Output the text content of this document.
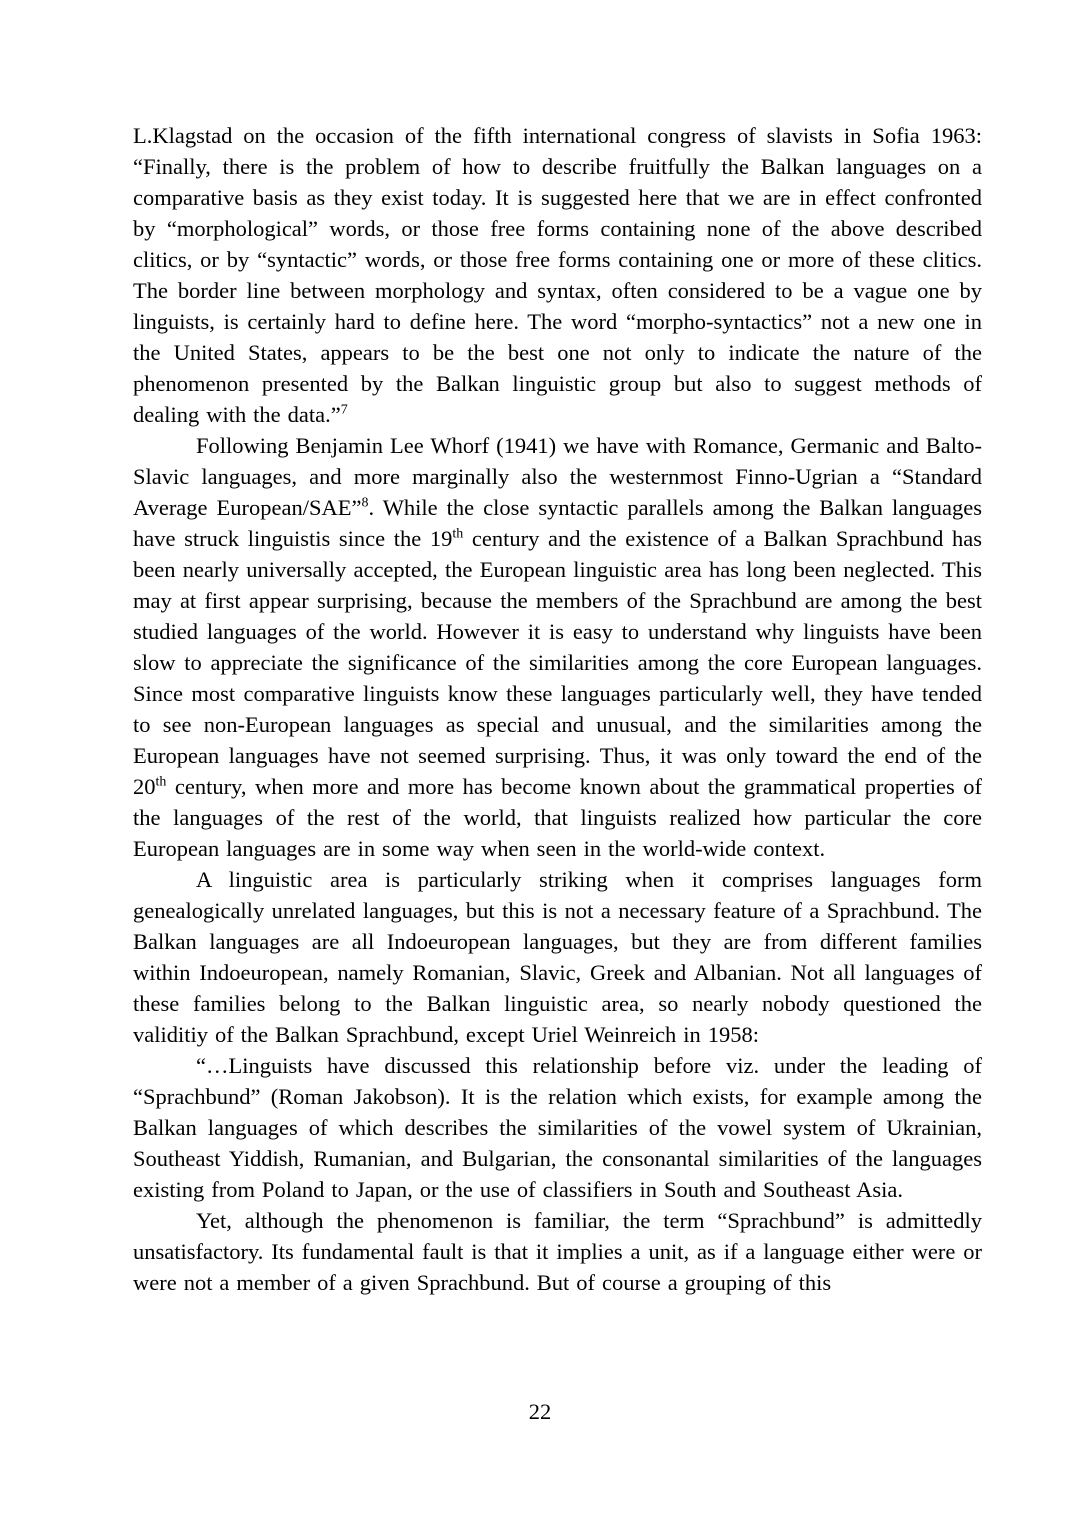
L.Klagstad on the occasion of the fifth international congress of slavists in Sofia 1963: “Finally, there is the problem of how to describe fruitfully the Balkan languages on a comparative basis as they exist today. It is suggested here that we are in effect confronted by “morphological” words, or those free forms containing none of the above described clitics, or by “syntactic” words, or those free forms containing one or more of these clitics. The border line between morphology and syntax, often considered to be a vague one by linguists, is certainly hard to define here. The word “morpho-syntactics” not a new one in the United States, appears to be the best one not only to indicate the nature of the phenomenon presented by the Balkan linguistic group but also to suggest methods of dealing with the data.”$^7$

Following Benjamin Lee Whorf (1941) we have with Romance, Germanic and Balto-Slavic languages, and more marginally also the westernmost Finno-Ugrian a “Standard Average European/SAE”$^8$. While the close syntactic parallels among the Balkan languages have struck linguistis since the 19th century and the existence of a Balkan Sprachbund has been nearly universally accepted, the European linguistic area has long been neglected. This may at first appear surprising, because the members of the Sprachbund are among the best studied languages of the world. However it is easy to understand why linguists have been slow to appreciate the significance of the similarities among the core European languages. Since most comparative linguists know these languages particularly well, they have tended to see non-European languages as special and unusual, and the similarities among the European languages have not seemed surprising. Thus, it was only toward the end of the 20th century, when more and more has become known about the grammatical properties of the languages of the rest of the world, that linguists realized how particular the core European languages are in some way when seen in the world-wide context.

A linguistic area is particularly striking when it comprises languages form genealogically unrelated languages, but this is not a necessary feature of a Sprachbund. The Balkan languages are all Indoeuropean languages, but they are from different families within Indoeuropean, namely Romanian, Slavic, Greek and Albanian. Not all languages of these families belong to the Balkan linguistic area, so nearly nobody questioned the validitiy of the Balkan Sprachbund, except Uriel Weinreich in 1958:

“…Linguists have discussed this relationship before viz. under the leading of “Sprachbund” (Roman Jakobson). It is the relation which exists, for example among the Balkan languages of which describes the similarities of the vowel system of Ukrainian, Southeast Yiddish, Rumanian, and Bulgarian, the consonantal similarities of the languages existing from Poland to Japan, or the use of classifiers in South and Southeast Asia.

Yet, although the phenomenon is familiar, the term “Sprachbund” is admittedly unsatisfactory. Its fundamental fault is that it implies a unit, as if a language either were or were not a member of a given Sprachbund. But of course a grouping of this

22
